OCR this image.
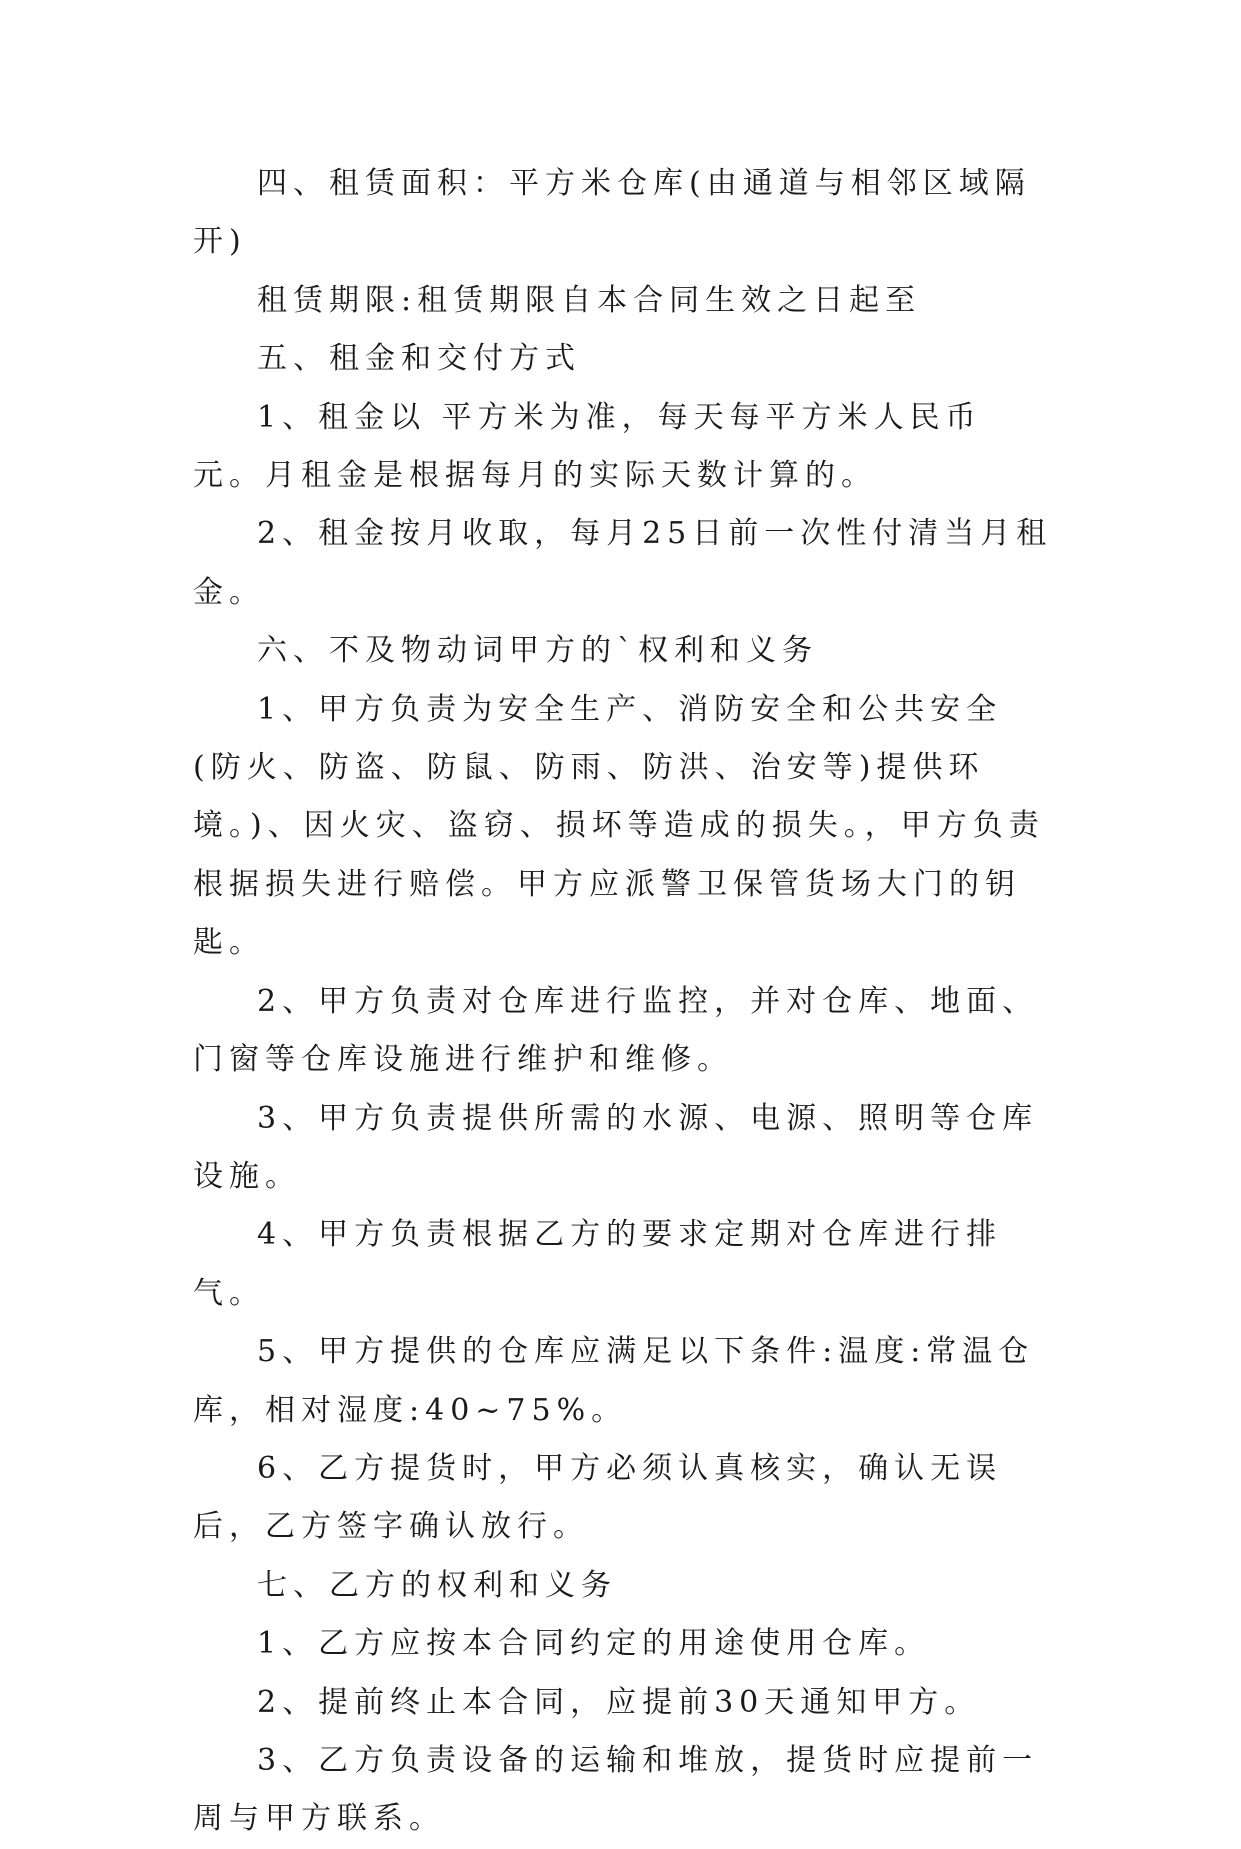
四、租赁面积：平方米仓库(由通道与相邻区域隔开)

租赁期限:租赁期限自本合同生效之日起至

五、租金和交付方式

1、租金以 平方米为准，每天每平方米人民币 元。月租金是根据每月的实际天数计算的。

2、租金按月收取，每月25日前一次性付清当月租金。

六、不及物动词甲方的`权利和义务

1、甲方负责为安全生产、消防安全和公共安全(防火、防盗、防鼠、防雨、防洪、治安等)提供环境。)、因火灾、盗窃、损坏等造成的损失。，甲方负责根据损失进行赔偿。甲方应派警卫保管货场大门的钥匙。

2、甲方负责对仓库进行监控，并对仓库、地面、门窗等仓库设施进行维护和维修。

3、甲方负责提供所需的水源、电源、照明等仓库设施。

4、甲方负责根据乙方的要求定期对仓库进行排气。

5、甲方提供的仓库应满足以下条件:温度:常温仓库，相对湿度:40~75%。

6、乙方提货时，甲方必须认真核实，确认无误后，乙方签字确认放行。

七、乙方的权利和义务

1、乙方应按本合同约定的用途使用仓库。

2、提前终止本合同，应提前30天通知甲方。

3、乙方负责设备的运输和堆放，提货时应提前一周与甲方联系。
